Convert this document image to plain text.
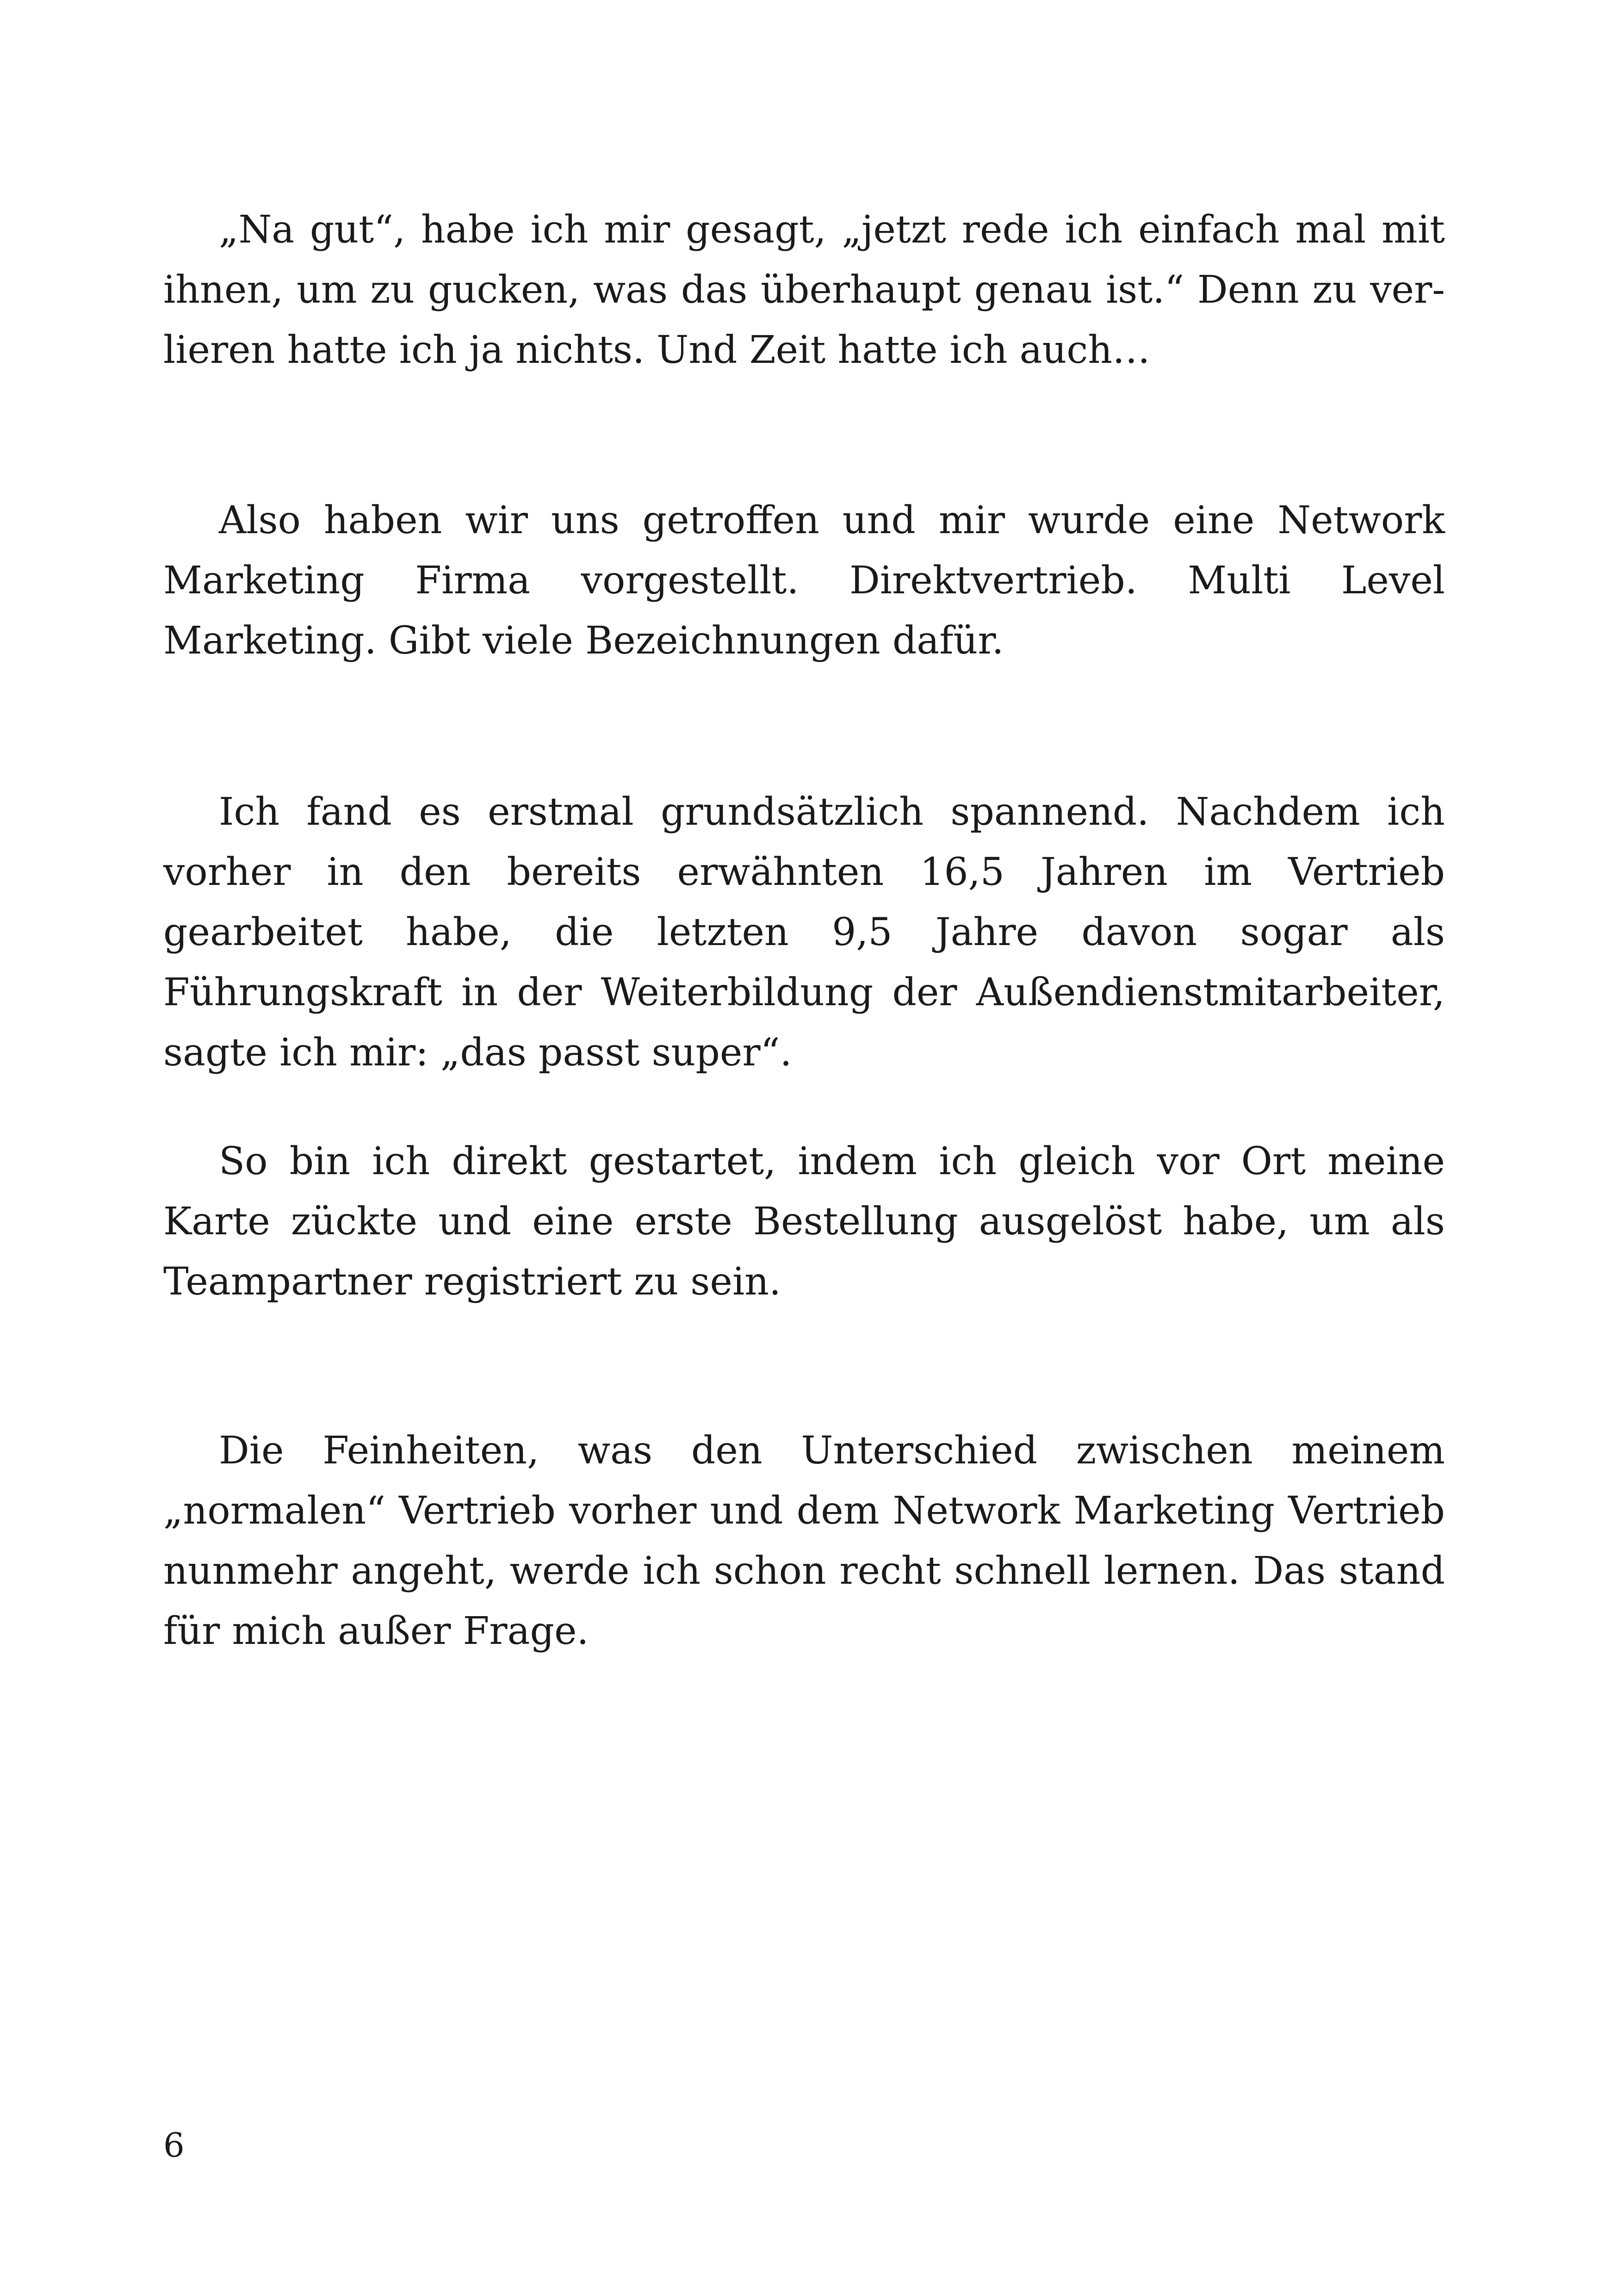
„Na gut“, habe ich mir gesagt, „jetzt rede ich einfach mal mit ihnen, um zu gucken, was das überhaupt genau ist.“ Denn zu verlieren hatte ich ja nichts. Und Zeit hatte ich auch…

Also haben wir uns getroffen und mir wurde eine Network Marketing Firma vorgestellt. Direktvertrieb. Multi Level Marketing. Gibt viele Bezeichnungen dafür.

Ich fand es erstmal grundsätzlich spannend. Nachdem ich vorher in den bereits erwähnten 16,5 Jahren im Vertrieb gearbeitet habe, die letzten 9,5 Jahre davon sogar als Führungskraft in der Weiterbildung der Außendienstmitarbeiter, sagte ich mir: „das passt super“.

So bin ich direkt gestartet, indem ich gleich vor Ort meine Karte zückte und eine erste Bestellung ausgelöst habe, um als Teampartner registriert zu sein.

Die Feinheiten, was den Unterschied zwischen meinem „normalen“ Vertrieb vorher und dem Network Marketing Vertrieb nunmehr angeht, werde ich schon recht schnell lernen. Das stand für mich außer Frage.

6
